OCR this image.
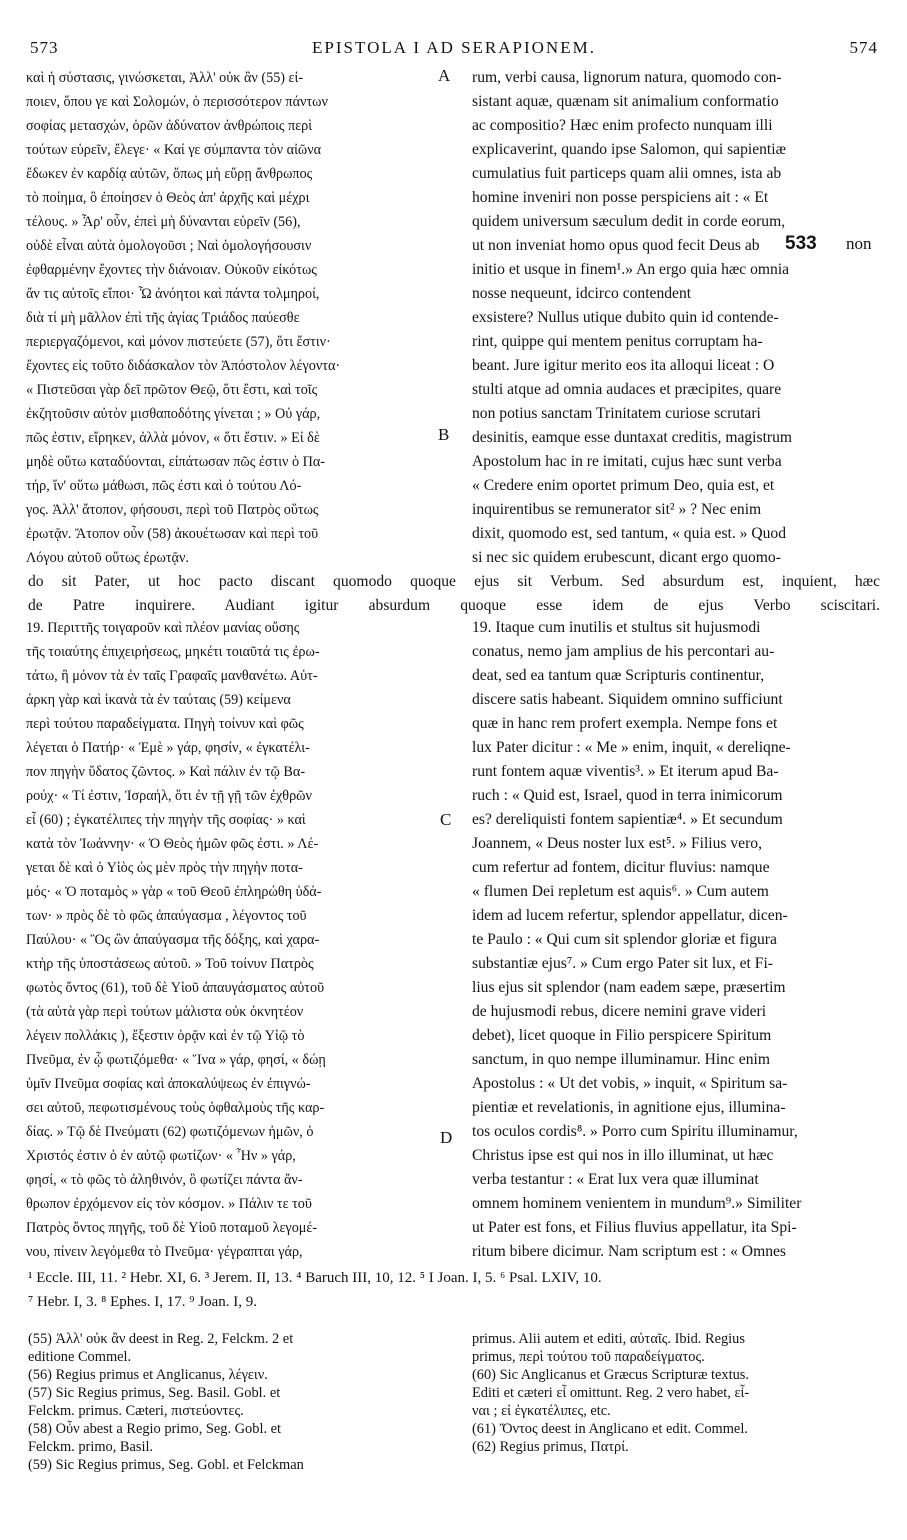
573	EPISTOLA I AD SERAPIONEM.	574
καὶ ἡ σύστασις, γινώσκεται, Ἀλλ' οὐκ ἂν (55) εἰ-
ποιεν, ὅπου γε καὶ Σολομών, ὁ περισσότερον πάντων
σοφίας μετασχών, ὁρῶν ἀδύνατον ἀνθρώποις περὶ
τούτων εὑρεῖν, ἔλεγε· « Καί γε σύμπαντα τὸν αἰῶνα
ἔδωκεν ἐν καρδίᾳ αὐτῶν, ὅπως μὴ εὕρῃ ἄνθρωπος
τὸ ποίημα, ὃ ἐποίησεν ὁ Θεὸς ἀπ' ἀρχῆς καὶ μέχρι
τέλους. » Ἆρ' οὖν, ἐπεὶ μὴ δύνανται εὑρεῖν (56),
οὐδὲ εἶναι αὐτὰ ὁμολογοῦσι ; Ναὶ ὁμολογήσουσιν
ἐφθαρμένην ἔχοντες τὴν διάνοιαν. Οὐκοῦν εἰκότως
ἄν τις αὐτοῖς εἴποι· Ὦ ἀνόητοι καὶ πάντα τολμηροί,
διὰ τί μὴ μᾶλλον ἐπὶ τῆς ἁγίας Τριάδος παύεσθε
περιεργαζόμενοι, καὶ μόνον πιστεύετε (57), ὅτι ἔστιν·
ἔχοντες εἰς τοῦτο διδάσκαλον τὸν Ἀπόστολον λέγοντα·
« Πιστεῦσαι γὰρ δεῖ πρῶτον Θεῷ, ὅτι ἔστι, καὶ τοῖς
ἐκζητοῦσιν αὐτὸν μισθαποδότης γίνεται ; » Οὐ γάρ,
πῶς ἐστιν, εἴρηκεν, ἀλλὰ μόνον, « ὅτι ἔστιν. » Εἰ δὲ
μηδὲ οὕτω καταδύονται, εἰπάτωσαν πῶς ἐστιν ὁ Πα-
τήρ, ἵν' οὕτω μάθωσι, πῶς ἐστι καὶ ὁ τούτου Λό-
γος. Ἀλλ' ἄτοπον, φήσουσι, περὶ τοῦ Πατρὸς οὕτως
ἐρωτᾷν. Ἄτοπον οὖν (58) ἀκουέτωσαν καὶ περὶ τοῦ
Λόγου αὐτοῦ οὕτως ἐρωτᾷν.
rum, verbi causa, lignorum natura, quomodo con-
sistant aquæ, quænam sit animalium conformatio
ac compositio? Hæc enim profecto nunquam illi
explicaverint, quando ipse Salomon, qui sapientiæ
cumulatius fuit particeps quam alii omnes, ista ab
homine inveniri non posse perspiciens ait : « Et
quidem universum sæculum dedit in corde eorum,
ut non inveniat homo opus quod fecit Deus ab
initio et usque in finem¹.» An ergo quia hæc omnia
nosse nequeunt, idcirco contendent
exsistere? Nullus utique dubito quin id contende-
rint, quippe qui mentem penitus corruptam ha-
beant. Jure igitur merito eos ita alloqui liceat : O
stulti atque ad omnia audaces et præcipites, quare
non potius sanctam Trinitatem curiose scrutari
desinitis, eamque esse duntaxat creditis, magistrum
Apostolum hac in re imitati, cujus hæc sunt verba
« Credere enim oportet primum Deo, quia est, et
inquirentibus se remunerator sit² » ? Nec enim
dixit, quomodo est, sed tantum, « quia est. » Quod
si nec sic quidem erubescunt, dicant ergo quomo-
533 non
A
B
C
D
do sit Pater, ut hoc pacto discant quomodo quoque ejus sit Verbum. Sed absurdum est, inquient, hæc
de Patre inquirere. Audiant igitur absurdum quoque esse idem de ejus Verbo sciscitari.
19. Περιττῆς τοιγαροῦν καὶ πλέον μανίας οὔσης
τῆς τοιαύτης ἐπιχειρήσεως, μηκέτι τοιαῦτά τις ἐρω-
τάτω, ἢ μόνον τὰ ἐν ταῖς Γραφαῖς μανθανέτω. Αὐτ-
άρκη γὰρ καὶ ἱκανὰ τὰ ἐν ταύταις (59) κείμενα
περὶ τούτου παραδείγματα. Πηγὴ τοίνυν καὶ φῶς
λέγεται ὁ Πατήρ· « Ἐμὲ » γάρ, φησίν, « ἐγκατέλι-
πον πηγὴν ὕδατος ζῶντος. » Καὶ πάλιν ἐν τῷ Βα-
ρούχ· « Τί ἐστιν, Ἰσραήλ, ὅτι ἐν τῇ γῇ τῶν ἐχθρῶν
εἶ (60) ; ἐγκατέλιπες τὴν πηγὴν τῆς σοφίας· » καὶ
κατὰ τὸν Ἰωάννην· « Ὁ Θεὸς ἡμῶν φῶς ἐστι. » Λέ-
γεται δὲ καὶ ὁ Υἱὸς ὡς μὲν πρὸς τὴν πηγὴν ποτα-
μός· « Ὁ ποταμὸς » γὰρ « τοῦ Θεοῦ ἐπληρώθη ὑδά-
των· » πρὸς δὲ τὸ φῶς ἀπαύγασμα , λέγοντος τοῦ
Παύλου· « Ὃς ὢν ἀπαύγασμα τῆς δόξης, καὶ χαρα-
κτὴρ τῆς ὑποστάσεως αὐτοῦ. » Τοῦ τοίνυν Πατρὸς
φωτὸς ὄντος (61), τοῦ δὲ Υἱοῦ ἀπαυγάσματος αὐτοῦ
(τὰ αὐτὰ γὰρ περὶ τούτων μάλιστα οὐκ ὀκνητέον
λέγειν πολλάκις ), ἔξεστιν ὁρᾷν καὶ ἐν τῷ Υἱῷ τὸ
Πνεῦμα, ἐν ᾧ φωτιζόμεθα· « Ἵνα » γάρ, φησί, « δώῃ
ὑμῖν Πνεῦμα σοφίας καὶ ἀποκαλύψεως ἐν ἐπιγνώ-
σει αὐτοῦ, πεφωτισμένους τοὺς ὀφθαλμοὺς τῆς καρ-
δίας. » Τῷ δὲ Πνεύματι (62) φωτιζόμενων ἡμῶν, ὁ
Χριστός ἐστιν ὁ ἐν αὐτῷ φωτίζων· « Ἦν » γάρ,
φησί, « τὸ φῶς τὸ ἀληθινόν, ὃ φωτίζει πάντα ἄν-
θρωπον ἐρχόμενον εἰς τὸν κόσμον. » Πάλιν τε τοῦ
Πατρὸς ὄντος πηγῆς, τοῦ δὲ Υἱοῦ ποταμοῦ λεγομέ-
νου, πίνειν λεγόμεθα τὸ Πνεῦμα· γέγραπται γάρ,
19. Itaque cum inutilis et stultus sit hujusmodi
conatus, nemo jam amplius de his percontari au-
deat, sed ea tantum quæ Scripturis continentur,
discere satis habeant. Siquidem omnino sufficiunt
quæ in hanc rem profert exempla. Nempe fons et
lux Pater dicitur : « Me » enim, inquit, « dereliqne-
runt fontem aquæ viventis³. » Et iterum apud Ba-
ruch : « Quid est, Israel, quod in terra inimicorum
es? dereliquisti fontem sapientiæ⁴. » Et secundum
Joannem, « Deus noster lux est⁵. » Filius vero,
cum refertur ad fontem, dicitur fluvius: namque
« flumen Dei repletum est aquis⁶. » Cum autem
idem ad lucem refertur, splendor appellatur, dicen-
te Paulo : « Qui cum sit splendor gloriæ et figura
substantiæ ejus⁷. » Cum ergo Pater sit lux, et Fi-
lius ejus sit splendor (nam eadem sæpe, præsertim
de hujusmodi rebus, dicere nemini grave videri
debet), licet quoque in Filio perspicere Spiritum
sanctum, in quo nempe illuminamur. Hinc enim
Apostolus : « Ut det vobis, » inquit, « Spiritum sa-
pientiæ et revelationis, in agnitione ejus, illumina-
tos oculos cordis⁸. » Porro cum Spiritu illuminamur,
Christus ipse est qui nos in illo illuminat, ut hæc
verba testantur : « Erat lux vera quæ illuminat
omnem hominem venientem in mundum⁹.» Similiter
ut Pater est fons, et Filius fluvius appellatur, ita Spi-
ritum bibere dicimur. Nam scriptum est : « Omnes
¹ Eccle. III, 11. ² Hebr. XI, 6. ³ Jerem. II, 13. ⁴ Baruch III, 10, 12. ⁵ I Joan. I, 5. ⁶ Psal. LXIV, 10.
⁷ Hebr. I, 3. ⁸ Ephes. I, 17. ⁹ Joan. I, 9.
(55) Ἀλλ' οὐκ ἂν deest in Reg. 2, Felckm. 2 et
editione Commel.
(56) Regius primus et Anglicanus, λέγειν.
(57) Sic Regius primus, Seg. Basil. Gobl. et
Felckm. primus. Cæteri, πιστεύοντες.
(58) Οὖν abest a Regio primo, Seg. Gobl. et
Felckm. primo, Basil.
(59) Sic Regius primus, Seg. Gobl. et Felckman
primus. Alii autem et editi, αὐταῖς. Ibid. Regius
primus, περὶ τούτου τοῦ παραδείγματος.
(60) Sic Anglicanus et Græcus Scripturæ textus.
Editi et cæteri εἶ omittunt. Reg. 2 vero habet, εἶ-
ναι ; εἰ ἐγκατέλιπες, etc.
(61) Ὄντος deest in Anglicano et edit. Commel.
(62) Regius primus, Πατρί.
